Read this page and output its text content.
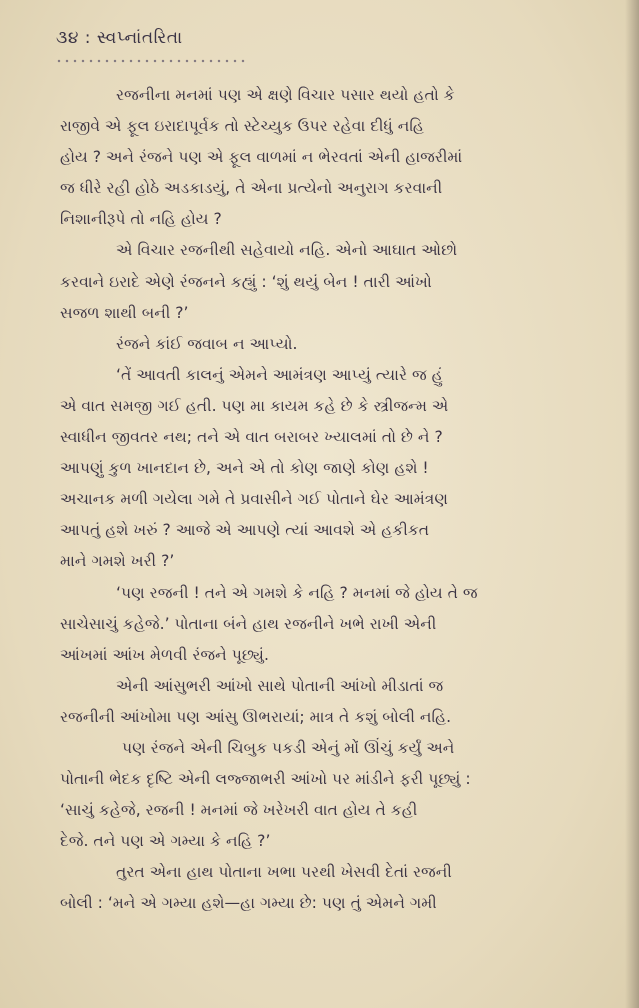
૩૪ : સ્વપ્નાંતરિતા
રજનીના મનમાં પણ એ ક્ષણે વિચાર પસાર થયો હતો કે
રાજીવે એ ફૂલ ઇરાદાપૂર્વક તો સ્ટેચ્યુક ઉપર રહેવા દીધું નહિ
હોય ? અને રંજને પણ એ ફૂલ વાળમાં ન ભેરવતાં એની હાજરીમાં
જ ધીરે રહી હોઠે અડકાડયું, તે એના પ્રત્યેનો અનુરાગ કરવાની
નિશાનીરૂપે તો નહિ હોય ?
એ વિચાર રજનીથી સહેવાયો નહિ. એનો આઘાત ઓછો
કરવાને ઇરાદે એણે રંજનને કહ્યું : ‘શું થયું બેન ! તારી આંખો
સજળ શાથી બની ?’
રંજને કાંઈ જવાબ ન આપ્યો.
‘તેં આવતી કાલનું એમને આમંત્રણ આપ્યું ત્યારે જ હું
એ વાત સમજી ગઈ હતી. પણ મા કાયમ કહે છે કે સ્ત્રીજન્મ એ
સ્વાધીન જીવતર નથ; તને એ વાત બરાબર ખ્યાલમાં તો છે ને ?
આપણું કુળ ખાનદાન છે, અને એ તો કોણ જાણે કોણ હશે !
અચાનક મળી ગયેલા ગમે તે પ્રવાસીને ગઈ પોતાને ઘેર આમંત્રણ
આપતું હશે ખરું ? આજે એ આપણે ત્યાં આવશે એ હકીકત
માને ગમશે ખરી ?’
‘પણ રજની ! તને એ ગમશે કે નહિ ? મનમાં જે હોય તે જ
સાચેસાચું કહેજે.’ પોતાના બંને હાથ રજનીને ખભે રાખી એની
આંખમાં આંખ મેળવી રંજને પૂછ્યું.
એની આંસુભરી આંખો સાથે પોતાની આંખો મીડાતાં જ
રજનીની આંખોમા પણ આંસુ ઊભરાયાં; માત્ર તે કશું બોલી નહિ.
પણ રંજને એની ચિબુક પકડી એનું મોં ઊંચું કર્યું અને
પોતાની ભેદક દૃષ્ટિ એની લજ્જાભરી આંખો પર માંડીને ફરી પૂછ્યું :
‘સાચું કહેજે, રજની ! મનમાં જે ખરેખરી વાત હોય તે કહી
દેજે. તને પણ એ ગમ્યા કે નહિ ?’
તુરત એના હાથ પોતાના ખભા પરથી ખેસવી દેતાં રજની
બોલી : ‘મને એ ગમ્યા હશે—હા ગમ્યા છે: પણ તું એમને ગમી
